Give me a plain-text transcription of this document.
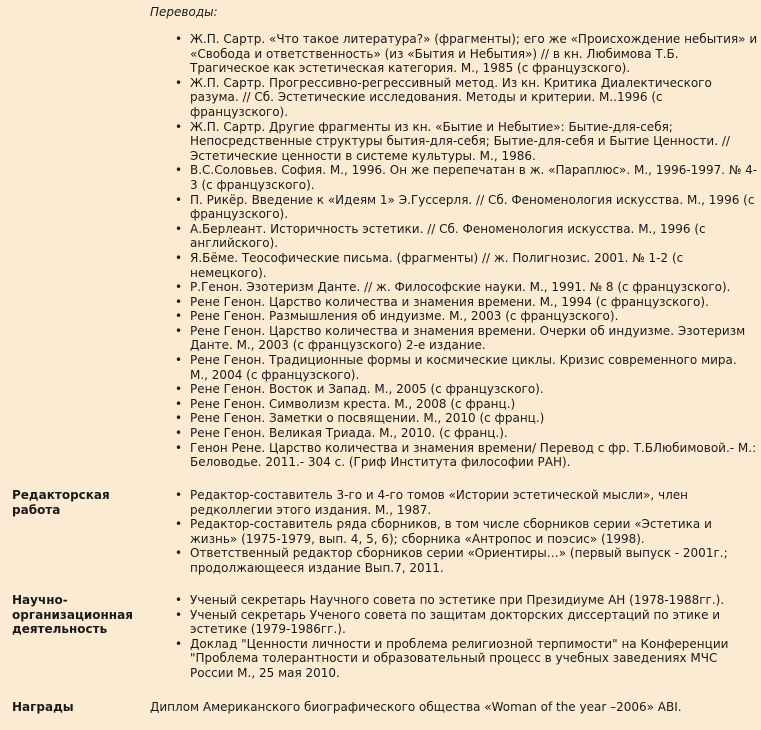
Переводы:
• Ж.П. Сартр. «Что такое литература?» (фрагменты); его же «Происхождение небытия» и «Свобода и ответственность» (из «Бытия и Небытия») // в кн. Любимова Т.Б. Трагическое как эстетическая категория. М., 1985 (с французского).
• Ж.П. Сартр. Прогрессивно-регрессивный метод. Из кн. Критика Диалектического разума. // Сб. Эстетические исследования. Методы и критерии. М..1996 (с французского).
• Ж.П. Сартр. Другие фрагменты из кн. «Бытие и Небытие»: Бытие-для-себя; Непосредственные структуры бытия-для-себя; Бытие-для-себя и Бытие Ценности. // Эстетические ценности в системе культуры. М., 1986.
• В.С.Соловьев. София. М., 1996. Он же перепечатан в ж. «Параплюс». М., 1996-1997. № 4-3 (с французского).
• П. Рикёр. Введение к «Идеям 1» Э.Гуссерля. // Сб. Феноменология искусства. М., 1996 (с французского).
• А.Берлеант. Историчность эстетики. // Сб. Феноменология искусства. М., 1996 (с английского).
• Я.Бёме. Теософические письма. (фрагменты) // ж. Полигнозис. 2001. № 1-2 (с немецкого).
• Р.Генон. Эзотеризм Данте. // ж. Философские науки. М., 1991. № 8 (с французского).
• Рене Генон. Царство количества и знамения времени. М., 1994 (с французского).
• Рене Генон. Размышления об индуизме. М., 2003 (с французского).
• Рене Генон. Царство количества и знамения времени. Очерки об индуизме. Эзотеризм Данте. М., 2003 (с французского) 2-е издание.
• Рене Генон. Традиционные формы и космические циклы. Кризис современного мира. М., 2004 (с французского).
• Рене Генон. Восток и Запад. М., 2005 (с французского).
• Рене Генон. Символизм креста. М., 2008 (с франц.)
• Рене Генон. Заметки о посвящении. М., 2010 (с франц.)
• Рене Генон. Великая Триада. М., 2010. (с франц.).
• Генон Рене. Царство количества и знамения времени/ Перевод с фр. Т.БЛюбимовой.- М.: Беловодье. 2011.- 304 с. (Гриф Института философии РАН).
Редакторская работа
• Редактор-составитель 3-го и 4-го томов «Истории эстетической мысли», член редколлегии этого издания. М., 1987.
• Редактор-составитель ряда сборников, в том числе сборников серии «Эстетика и жизнь» (1975-1979, вып. 4, 5, 6); сборника «Антропос и поэсис» (1998).
• Ответственный редактор сборников серии «Ориентиры…» (первый выпуск - 2001г.; продолжающееся издание Вып.7, 2011.
Научно-организационная деятельность
• Ученый секретарь Научного совета по эстетике при Президиуме АН (1978-1988гг.).
• Ученый секретарь Ученого совета по защитам докторских диссертаций по этике и эстетике (1979-1986гг.).
• Доклад "Ценности личности и проблема религиозной терпимости" на Конференции "Проблема толерантности и образовательный процесс в учебных заведениях МЧС России М., 25 мая 2010.
Награды	Диплом Американского биографического общества «Woman of the year –2006» ABI.
